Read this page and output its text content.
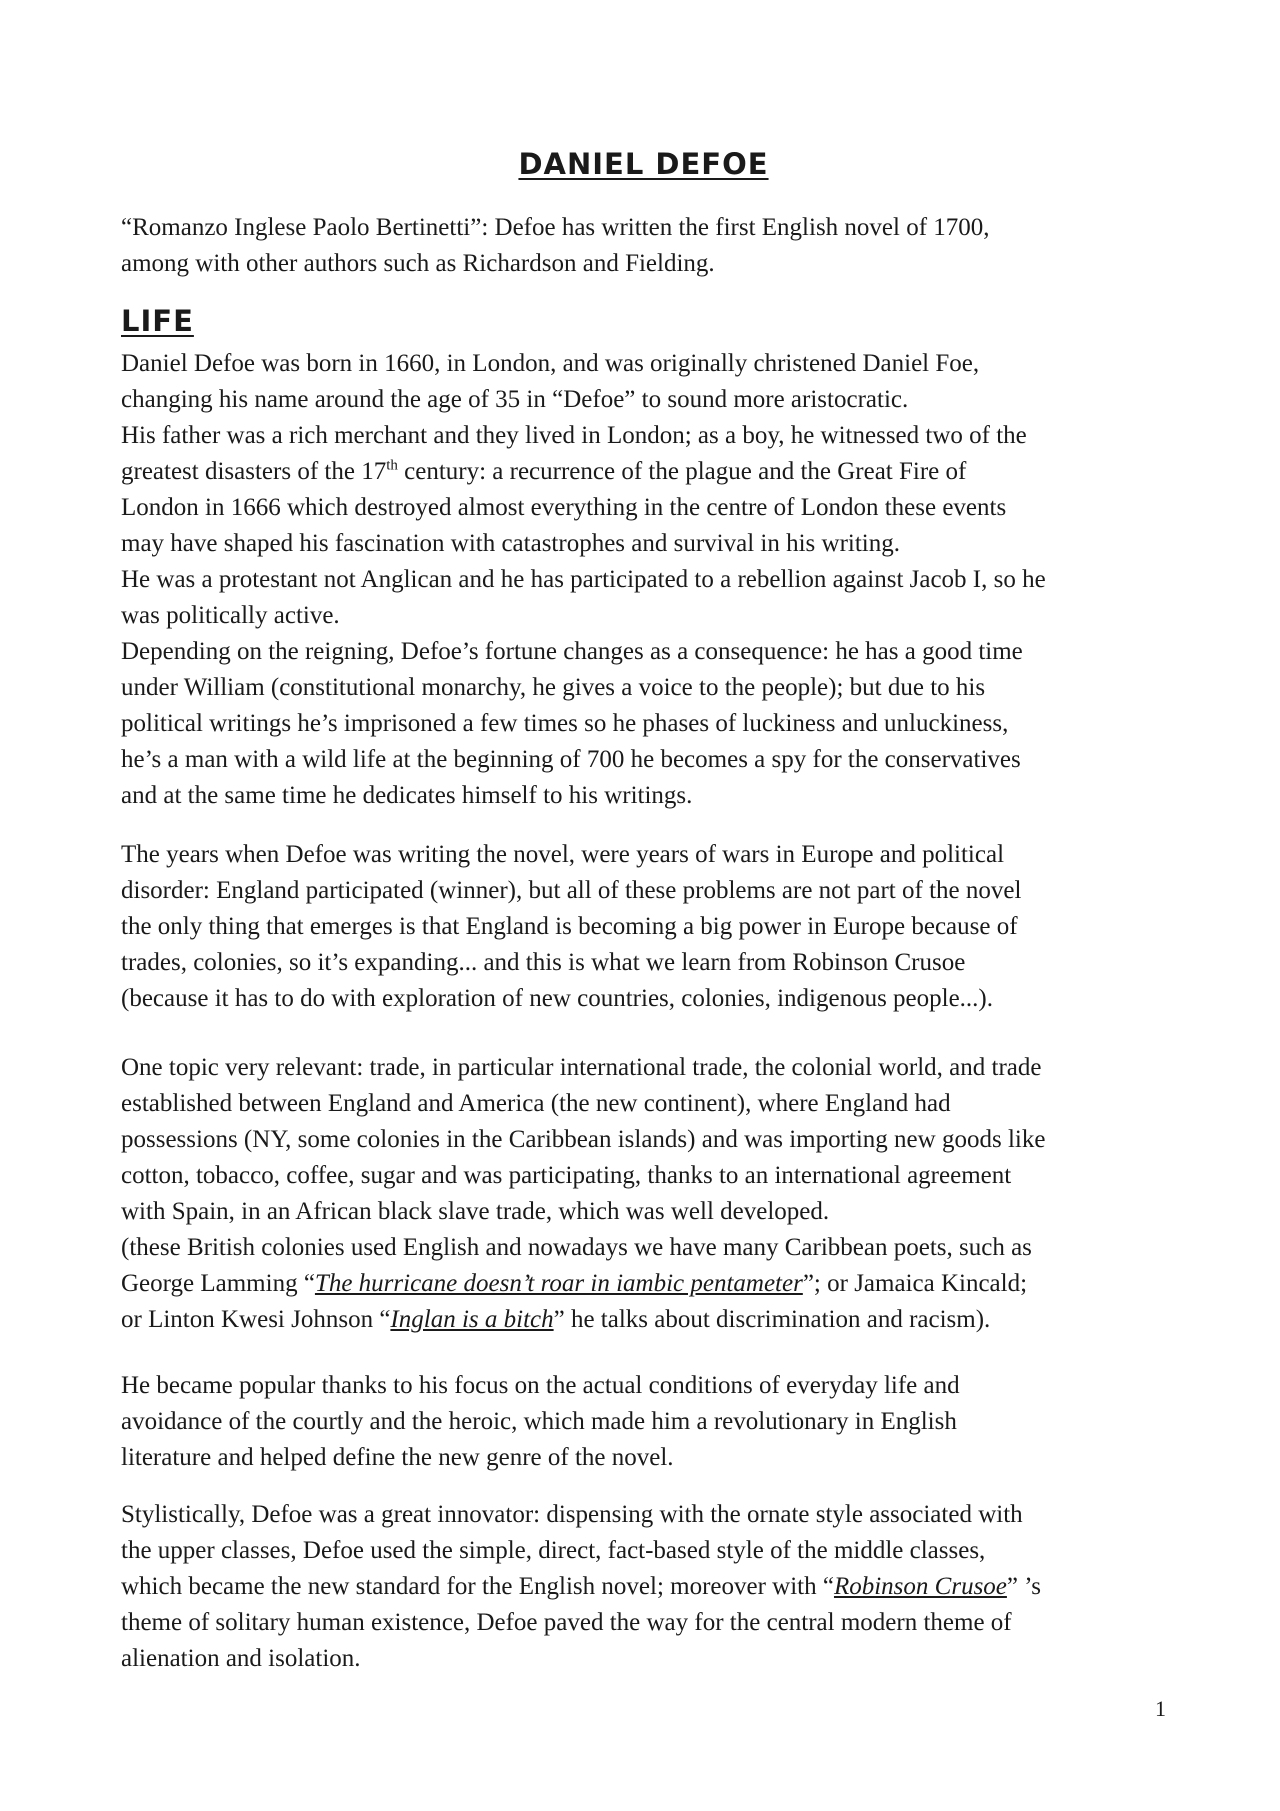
DANIEL DEFOE

“Romanzo Inglese Paolo Bertinetti”: Defoe has written the first English novel of 1700,
among with other authors such as Richardson and Fielding.

LIFE

Daniel Defoe was born in 1660, in London, and was originally christened Daniel Foe,
changing his name around the age of 35 in “Defoe” to sound more aristocratic.
His father was a rich merchant and they lived in London; as a boy, he witnessed two of the
greatest disasters of the 17th century: a recurrence of the plague and the Great Fire of
London in 1666 which destroyed almost everything in the centre of London these events
may have shaped his fascination with catastrophes and survival in his writing.
He was a protestant not Anglican and he has participated to a rebellion against Jacob I, so he
was politically active.
Depending on the reigning, Defoe’s fortune changes as a consequence: he has a good time
under William (constitutional monarchy, he gives a voice to the people); but due to his
political writings he’s imprisoned a few times so he phases of luckiness and unluckiness,
he’s a man with a wild life at the beginning of 700 he becomes a spy for the conservatives
and at the same time he dedicates himself to his writings.

The years when Defoe was writing the novel, were years of wars in Europe and political
disorder: England participated (winner), but all of these problems are not part of the novel
the only thing that emerges is that England is becoming a big power in Europe because of
trades, colonies, so it’s expanding... and this is what we learn from Robinson Crusoe
(because it has to do with exploration of new countries, colonies, indigenous people...).

One topic very relevant: trade, in particular international trade, the colonial world, and trade
established between England and America (the new continent), where England had
possessions (NY, some colonies in the Caribbean islands) and was importing new goods like
cotton, tobacco, coffee, sugar and was participating, thanks to an international agreement
with Spain, in an African black slave trade, which was well developed.
(these British colonies used English and nowadays we have many Caribbean poets, such as
George Lamming “The hurricane doesn’t roar in iambic pentameter”; or Jamaica Kincald;
or Linton Kwesi Johnson “Inglan is a bitch” he talks about discrimination and racism).

He became popular thanks to his focus on the actual conditions of everyday life and
avoidance of the courtly and the heroic, which made him a revolutionary in English
literature and helped define the new genre of the novel.

Stylistically, Defoe was a great innovator: dispensing with the ornate style associated with
the upper classes, Defoe used the simple, direct, fact-based style of the middle classes,
which became the new standard for the English novel; moreover with “Robinson Crusoe” ’s
theme of solitary human existence, Defoe paved the way for the central modern theme of
alienation and isolation.

1
